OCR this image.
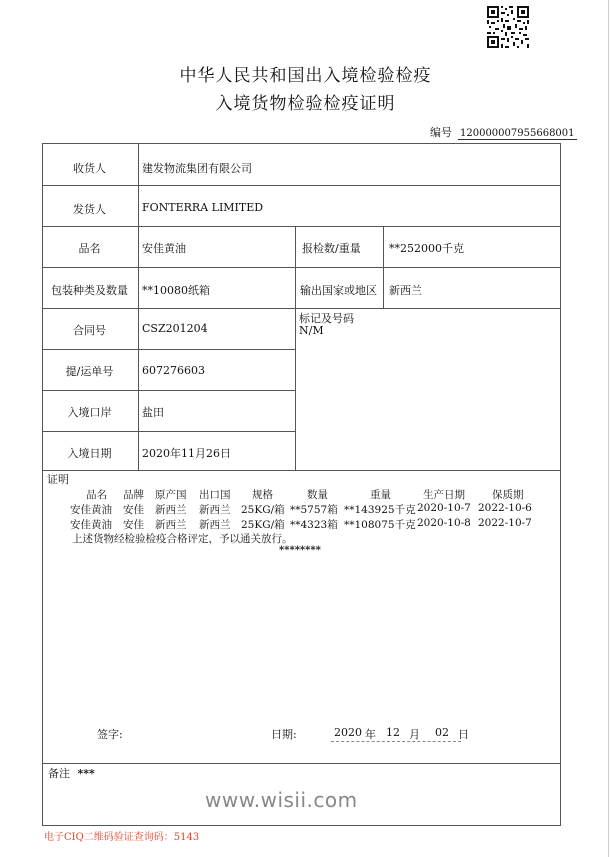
中华人民共和国出入境检验检疫
入境货物检验检疫证明
编号 120000007955668001
收货人	建发物流集团有限公司
发货人	FONTERRA LIMITED
品名	安佳黄油	报检数/重量	**252000千克
包装种类及数量	**10080纸箱	输出国家或地区 新西兰
合同号	CSZ201204
标记及号码
N/M
提/运单号	607276603
入境口岸	盐田
入境日期	2020年11月26日
证明
品名 品牌 原产国 出口国 规格	数量	重量	生产日期	保质期
安佳黄油 安佳 新西兰 新西兰 25KG/箱 **5757箱 **143925千克 2020-10-7 2022-10-6
安佳黄油 安佳 新西兰 新西兰 25KG/箱 **4323箱 **108075千克 2020-10-8 2022-10-7
上述货物经检验检疫合格评定，予以通关放行。
********
签字:	日期:	2020 年 12 月 02 日
备注 ***
www.wisii.com
电子CIQ二维码验证查询码：5143
